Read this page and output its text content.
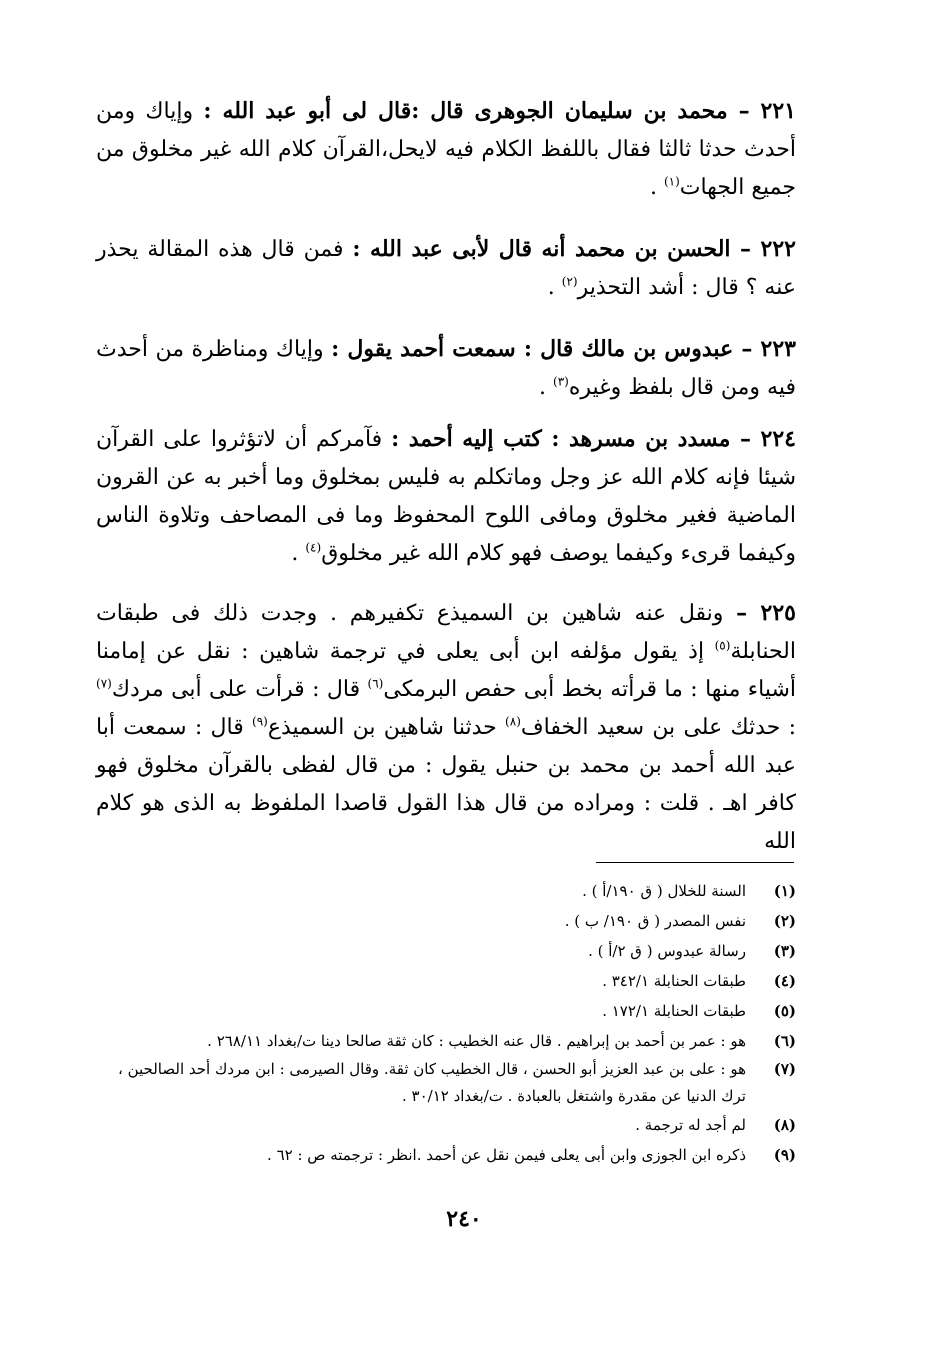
٢٢١ – محمد بن سليمان الجوهرى قال :قال لى أبو عبد الله : وإياك ومن أحدث حدثا ثالثا فقال باللفظ الكلام فيه لايحل،القرآن كلام الله غير مخلوق من جميع الجهات$^{(١)}$ .

٢٢٢ – الحسن بن محمد أنه قال لأبى عبد الله : فمن قال هذه المقالة يحذر عنه ؟ قال : أشد التحذير$^{(٢)}$ .

٢٢٣ – عبدوس بن مالك قال : سمعت أحمد يقول : وإياك ومناظرة من أحدث فيه ومن قال بلفظ وغيره$^{(٣)}$ .

٢٢٤ – مسدد بن مسرهد : كتب إليه أحمد : فآمركم أن لاتؤثروا على القرآن شيئا فإنه كلام الله عز وجل وماتكلم به فليس بمخلوق وما أخبر به عن القرون الماضية فغير مخلوق ومافى اللوح المحفوظ وما فى المصاحف وتلاوة الناس وكيفما قرىء وكيفما يوصف فهو كلام الله غير مخلوق$^{(٤)}$ .

٢٢٥ – ونقل عنه شاهين بن السميذع تكفيرهم . وجدت ذلك فى طبقات الحنابلة$^{(٥)}$ إذ يقول مؤلفه ابن أبى يعلى في ترجمة شاهين : نقل عن إمامنا أشياء منها : ما قرأته بخط أبى حفص البرمكى$^{(٦)}$ قال : قرأت على أبى مردك$^{(٧)}$ : حدثك على بن سعيد الخفاف$^{(٨)}$ حدثنا شاهين بن السميذع$^{(٩)}$ قال : سمعت أبا عبد الله أحمد بن محمد بن حنبل يقول : من قال لفظى بالقرآن مخلوق فهو كافر اهـ . قلت : ومراده من قال هذا القول قاصدا الملفوظ به الذى هو كلام الله

(١)
السنة للخلال ( ق ١٩٠/أ ) .
(٢)
نفس المصدر ( ق ١٩٠/ ب ) .
(٣)
رسالة عبدوس ( ق ٢/أ ) .
(٤)
طبقات الحنابلة ٣٤٢/١ .
(٥)
طبقات الحنابلة ١٧٢/١ .
(٦)
هو : عمر بن أحمد بن إبراهيم . قال عنه الخطيب : كان ثقة صالحا دينا ت/بغداد ٢٦٨/١١ .
(٧)
هو : على بن عبد العزيز أبو الحسن ، قال الخطيب كان ثقة. وقال الصيرمى : ابن مردك أحد الصالحين ، ترك الدنيا عن مقدرة واشتغل بالعبادة . ت/بغداد ٣٠/١٢ .
(٨)
لم أجد له ترجمة .
(٩)
ذكره ابن الجوزى وابن أبى يعلى فيمن نقل عن أحمد .انظر : ترجمته ص : ٦٢ .
٢٤٠
